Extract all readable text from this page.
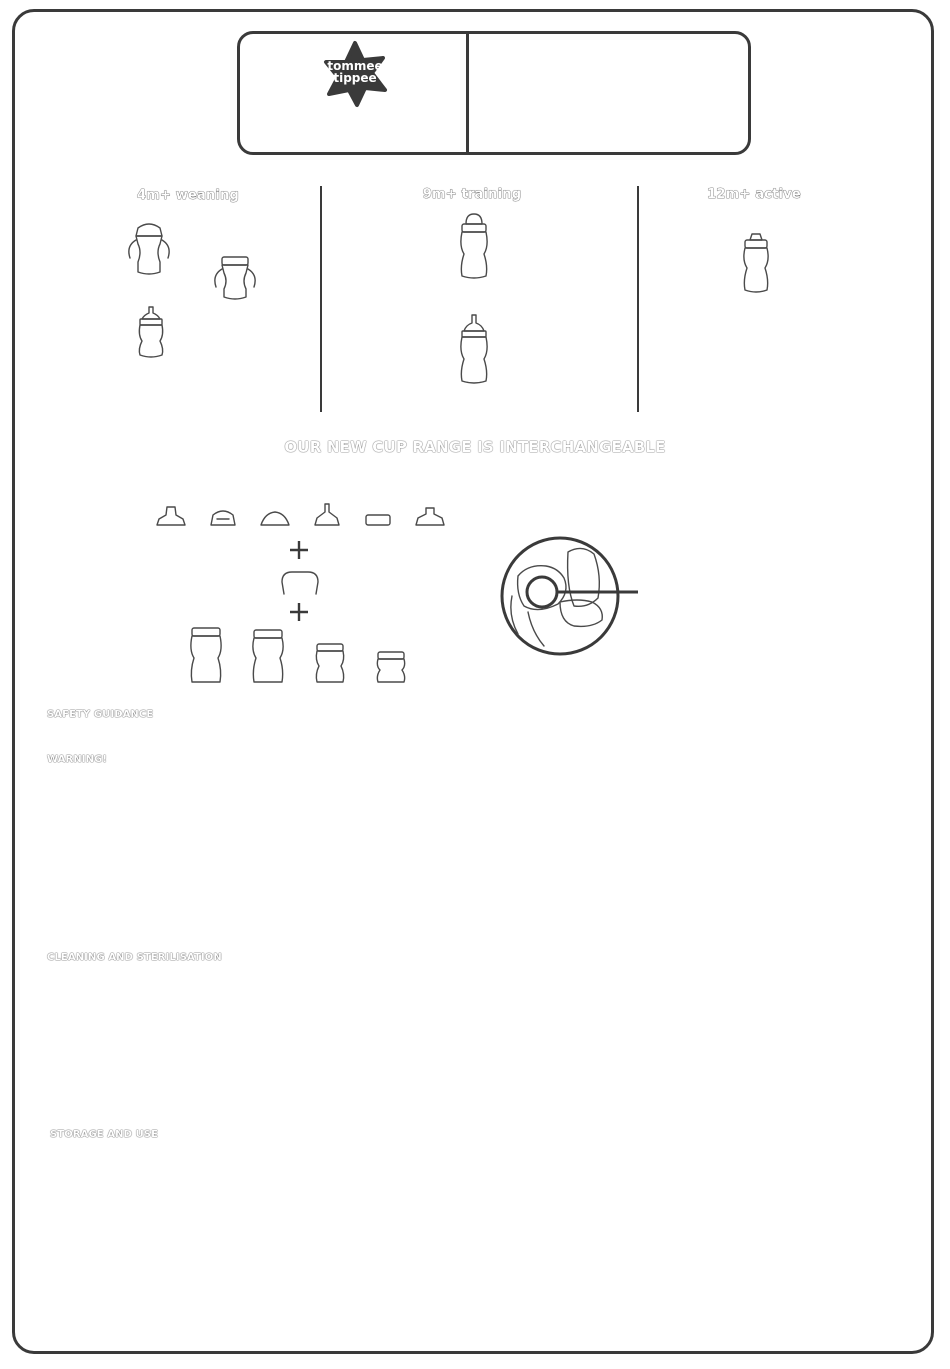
tommee
tippee
4m+ weaning	9m+ training	12m+ active
OUR NEW CUP RANGE IS INTERCHANGEABLE
SAFETY GUIDANCE
WARNING!
CLEANING AND STERILISATION
STORAGE AND USE
